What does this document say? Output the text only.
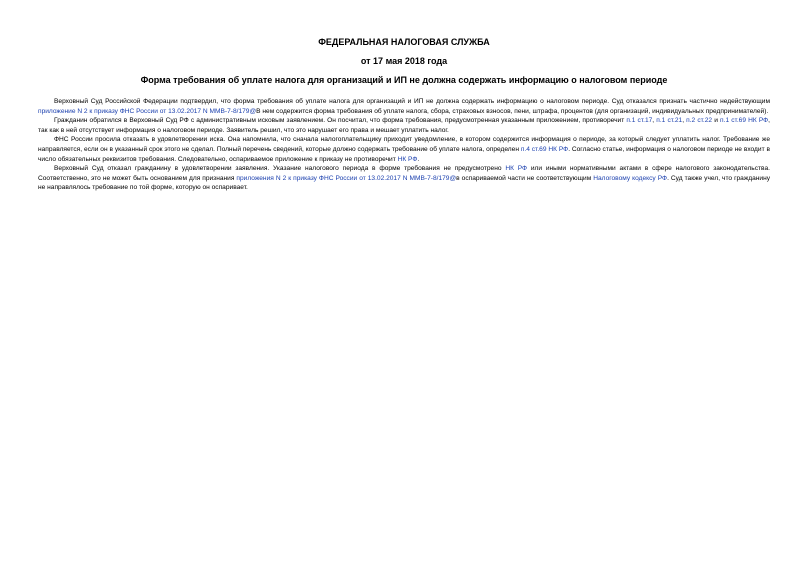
ФЕДЕРАЛЬНАЯ НАЛОГОВАЯ СЛУЖБА
от 17 мая 2018 года
Форма требования об уплате налога для организаций и ИП не должна содержать информацию о налоговом периоде

Верховный Суд Российской Федерации подтвердил, что форма требования об уплате налога для организаций и ИП не должна содержать информацию о налоговом периоде. Суд отказался признать частично недействующим приложение N 2 к приказу ФНС России от 13.02.2017 N ММВ-7-8/179@В нем содержится форма требования об уплате налога, сбора, страховых взносов, пени, штрафа, процентов (для организаций, индивидуальных предпринимателей).

Гражданин обратился в Верховный Суд РФ с административным исковым заявлением. Он посчитал, что форма требования, предусмотренная указанным приложением, противоречит п.1 ст.17, п.1 ст.21, п.2 ст.22 и п.1 ст.69 НК РФ, так как в ней отсутствует информация о налоговом периоде. Заявитель решил, что это нарушает его права и мешает уплатить налог.

ФНС России просила отказать в удовлетворении иска. Она напомнила, что сначала налогоплательщику приходит уведомление, в котором содержится информация о периоде, за который следует уплатить налог. Требование же направляется, если он в указанный срок этого не сделал. Полный перечень сведений, которые должно содержать требование об уплате налога, определен п.4 ст.69 НК РФ. Согласно статье, информация о налоговом периоде не входит в число обязательных реквизитов требования. Следовательно, оспариваемое приложение к приказу не противоречит НК РФ.

Верховный Суд отказал гражданину в удовлетворении заявления. Указание налогового периода в форме требования не предусмотрено НК РФ или иными нормативными актами в сфере налогового законодательства. Соответственно, это не может быть основанием для признания приложения N 2 к приказу ФНС России от 13.02.2017 N ММВ-7-8/179@в оспариваемой части не соответствующим Налоговому кодексу РФ. Суд также учел, что гражданину не направлялось требование по той форме, которую он оспаривает.
